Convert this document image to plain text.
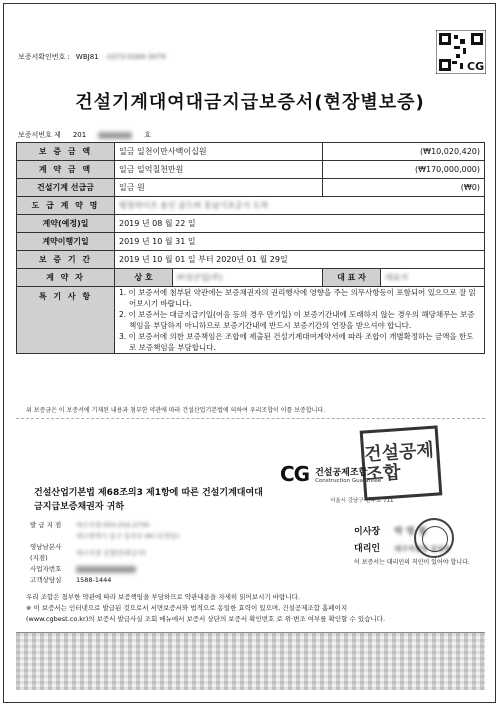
보증서확인번호 : WBJ81 -1073-0164-3079
CG
건설기계대여대금지급보증서(현장별보증)
보증서번호 제 201	호
보 증 금 액	일금 일천이만사백이십원		(₩10,020,420)	
계 약 금 액	일금 일억칠천만원		(₩170,000,000)	
건설기계 선급금	일금 원		(₩0)	
도 급 계 약 명	평창하이츠 용인 골드바 흥남기초공사 도착			
계약(예정)일	2019 년 08 월 22 일			
계약이행기일	2019 년 10 월 31 일			
보 증 기 간	2019 년 10 월 01 일 부터 2020년 01 월 29일			
계 약 자	상 호	㈜성산업(주)	대 표 자	대표자
특 기 사 항	1. 이 보증서에 첨부된 약관에는 보증채권자의 권리행사에 영향을 주는 의무사항등이 포함되어 있으므로 잘 읽어보시기 바랍니다.
2. 이 보증서는 대금지급기일(어음 등의 경우 만기일) 이 보증기간내에 도래하지 않는 경우의 해당채무는 보증책임을 부담하지 아니하므로 보증기간내에 반드시 보증기간의 연장을 받으셔야 합니다.
3. 이 보증서에 의한 보증책임은 조합에 제출된 건설기계대여계약서에 따라 조합이 개별확정하는 금액을 한도로 보증책임을 부담합니다.			
위 보증금은 이 보증서에 기재된 내용과 첨부한 약관에 따라 건설산업기본법에 의하여 우리조합이 이를 보증합니다.
건설공제조합
CG 건설공제조합
Construction Guarantee
서울시 강남구 언주로 711
건설산업기본법 제68조의3 제1항에 따른 건설기계대여대금지급보증채권자 귀하
발 급 지 점	대구지점 053-252-2730
대구광역시 동구 동부로 94 (신천동)
영남남본사(지점)
대구지점 김철민(취급자)
사업자번호
고객상담실	1588-1444
이사장 박 영 철
대리인 대구지점장 김성호
이 보증서는 대리인의 직인이 있어야 합니다.
우리 조합은 첨부한 약관에 따라 보증책임을 부담하므로 약관내용을 자세히 읽어보시기 바랍니다.
※ 이 보증서는 인터넷으로 발급된 것으로서 서면보증서와 법적으로 동일한 효력이 있으며, 건설공제조합 홈페이지
(www.cgbest.co.kr)의 보증서 발급사실 조회 메뉴에서 보증서 상단의 보증서 확인번호 로 위·변조 여부를 확인할 수 있습니다.
